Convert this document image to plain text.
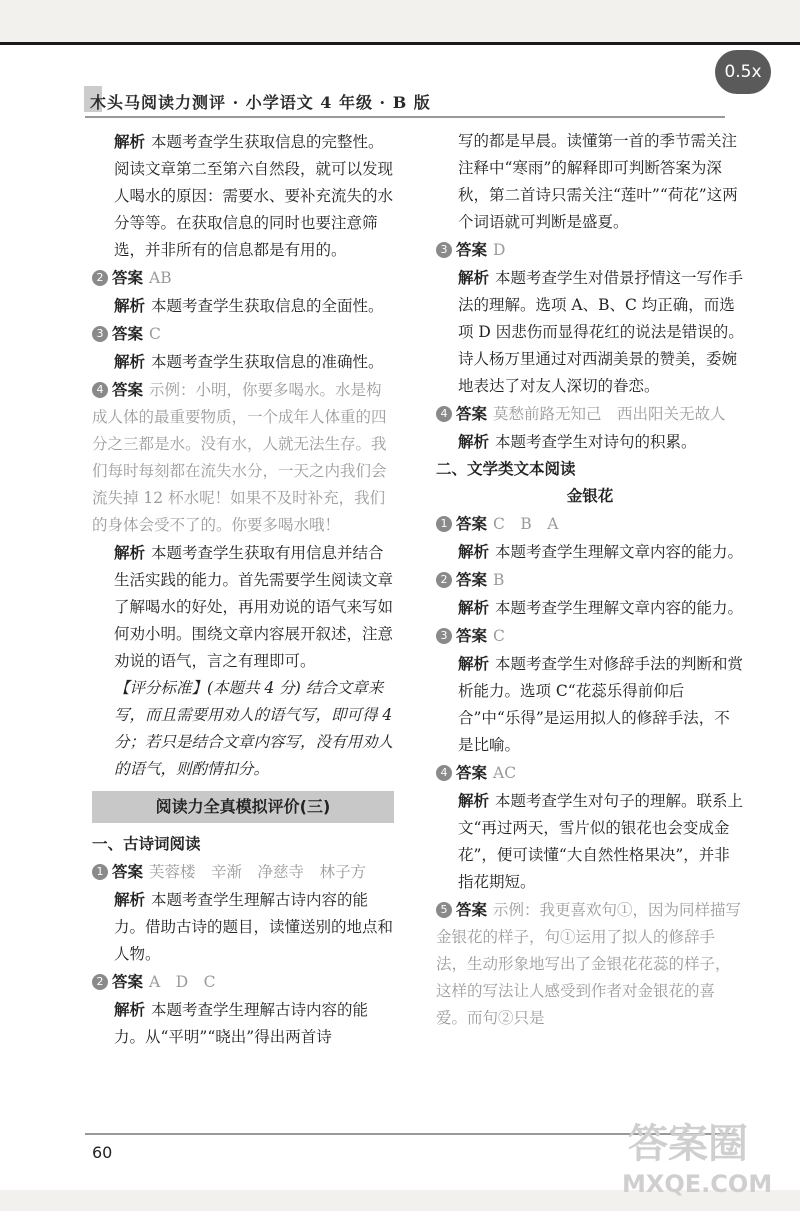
木头马阅读力测评 · 小学语文 4 年级 · B 版
0.5x

解析 本题考查学生获取信息的完整性。阅读文章第二至第六自然段，就可以发现人喝水的原因：需要水、要补充流失的水分等等。在获取信息的同时也要注意筛选，并非所有的信息都是有用的。

2 答案 AB

解析 本题考查学生获取信息的全面性。

3 答案 C

解析 本题考查学生获取信息的准确性。

4 答案 示例：小明，你要多喝水。水是构成人体的最重要物质，一个成年人体重的四分之三都是水。没有水，人就无法生存。我们每时每刻都在流失水分，一天之内我们会流失掉 12 杯水呢！如果不及时补充，我们的身体会受不了的。你要多喝水哦！

解析 本题考查学生获取有用信息并结合生活实践的能力。首先需要学生阅读文章了解喝水的好处，再用劝说的语气来写如何劝小明。围绕文章内容展开叙述，注意劝说的语气，言之有理即可。

【评分标准】(本题共 4 分) 结合文章来写，而且需要用劝人的语气写，即可得 4 分；若只是结合文章内容写，没有用劝人的语气，则酌情扣分。

阅读力全真模拟评价(三)

一、古诗词阅读

1 答案 芙蓉楼　辛渐　净慈寺　林子方

解析 本题考查学生理解古诗内容的能力。借助古诗的题目，读懂送别的地点和人物。

2 答案 A　D　C

解析 本题考查学生理解古诗内容的能力。从“平明”“晓出”得出两首诗

写的都是早晨。读懂第一首的季节需关注注释中“寒雨”的解释即可判断答案为深秋，第二首诗只需关注“莲叶”“荷花”这两个词语就可判断是盛夏。

3 答案 D

解析 本题考查学生对借景抒情这一写作手法的理解。选项 A、B、C 均正确，而选项 D 因悲伤而显得花红的说法是错误的。诗人杨万里通过对西湖美景的赞美，委婉地表达了对友人深切的眷恋。

4 答案 莫愁前路无知己　西出阳关无故人

解析 本题考查学生对诗句的积累。

二、文学类文本阅读

金银花

1 答案 C　B　A

解析 本题考查学生理解文章内容的能力。

2 答案 B

解析 本题考查学生理解文章内容的能力。

3 答案 C

解析 本题考查学生对修辞手法的判断和赏析能力。选项 C“花蕊乐得前仰后合”中“乐得”是运用拟人的修辞手法，不是比喻。

4 答案 AC

解析 本题考查学生对句子的理解。联系上文“再过两天，雪片似的银花也会变成金花”，便可读懂“大自然性格果决”，并非指花期短。

5 答案 示例：我更喜欢句①，因为同样描写金银花的样子，句①运用了拟人的修辞手法，生动形象地写出了金银花花蕊的样子，这样的写法让人感受到作者对金银花的喜爱。而句②只是

60	答案圈
MXQE.COM
